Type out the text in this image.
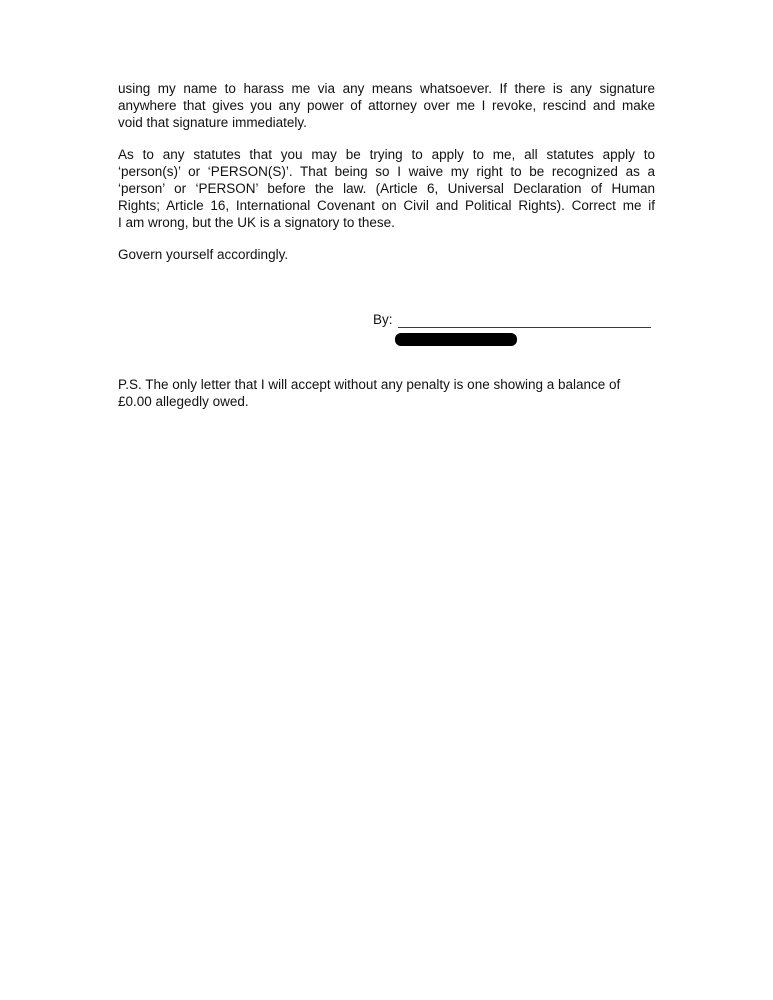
using my name to harass me via any means whatsoever. If there is any signature
anywhere that gives you any power of attorney over me I revoke, rescind and make
void that signature immediately.
As to any statutes that you may be trying to apply to me, all statutes apply to
‘person(s)’ or ‘PERSON(S)’. That being so I waive my right to be recognized as a
‘person’ or ‘PERSON’ before the law. (Article 6, Universal Declaration of Human
Rights; Article 16, International Covenant on Civil and Political Rights). Correct me if
I am wrong, but the UK is a signatory to these.
Govern yourself accordingly.
By:
P.S. The only letter that I will accept without any penalty is one showing a balance of
£0.00 allegedly owed.
